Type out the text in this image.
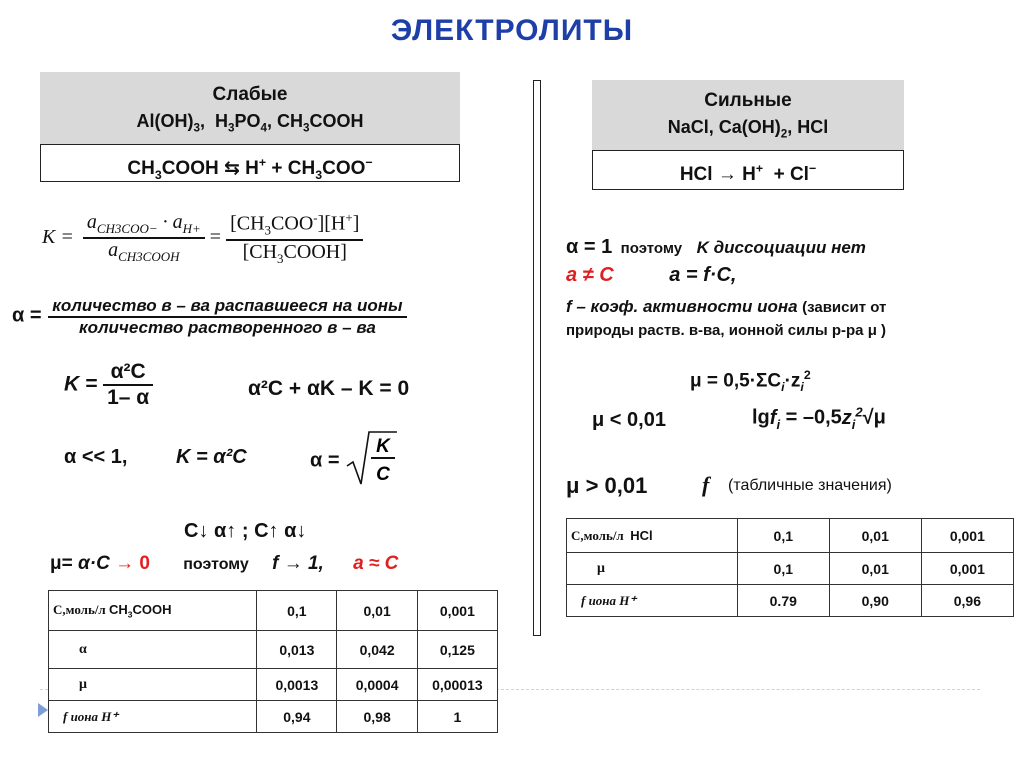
ЭЛЕКТРОЛИТЫ
Слабые
$Al(OH)_3$,  $H_3PO_4$, $CH_3COOH$
$CH_3COOH$ ⇆ $H^+ + CH_3COO^-$
$K = \frac{a_{CH3COO-} \cdot a_{H+}}{a_{CH3COOH}} = \frac{[CH_3COO^-][H^+]}{[CH_3COOH]}$
$\alpha = \frac{\text{количество в – ва распавшееся на ионы}}{\text{количество растворенного в – ва}}$
$K = \frac{\text{α²C}}{1- \alpha}$	α²C + αK – K = 0
α << 1, K = α²C	α =
K
C
C↓ α↑ ; C↑ α↓
μ= α·C → 0 поэтому f → 1, a ≈ C
С,моль/л $CH_3COOH$	0,1	0,01	0,001
α	0,013	0,042	0,125
μ	0,0013	0,0004	0,00013
f иона H⁺	0,94	0,98	1
Сильные
NaCl, $Ca(OH)_2$, HCl
HCl → H+  + Cl−
α = 1 поэтому K диссоциации нет
a ≠ C	a = f·C,
f – коэф. активности иона (зависит от
природы раств. в-ва, ионной силы р-ра μ )
$\mu = 0,5\cdot\Sigma C_i\cdot z_i^2$
μ < 0,01	$\lg f_i = -0,5z_i^2√\mu$
μ > 0,01 f (табличные значения)
С,моль/л  HCl	0,1	0,01	0,001
μ	0,1	0,01	0,001
f иона H⁺	0.79	0,90	0,96
